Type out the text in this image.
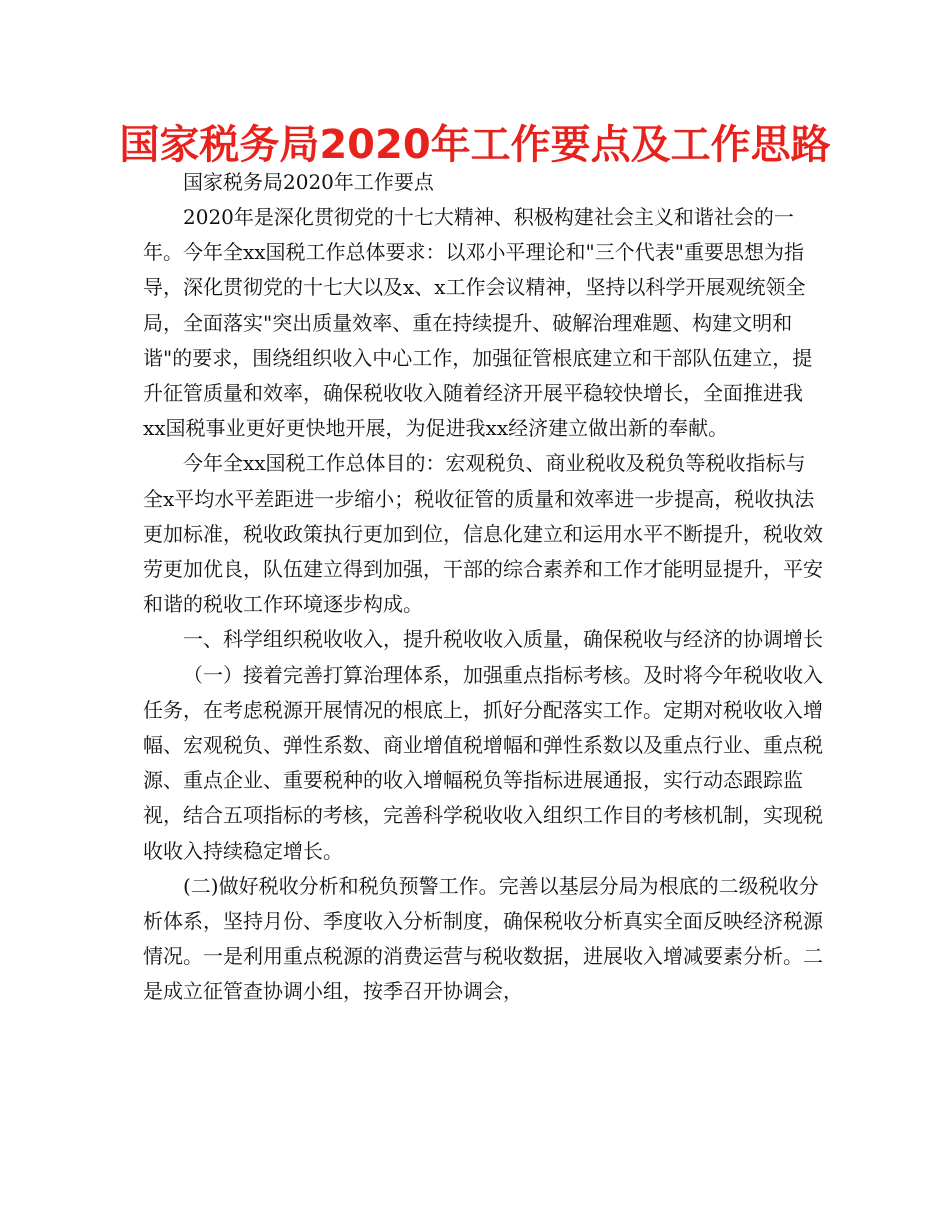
国家税务局2020年工作要点及工作思路
国家税务局2020年工作要点

2020年是深化贯彻党的十七大精神、积极构建社会主义和谐社会的一年。今年全xx国税工作总体要求：以邓小平理论和"三个代表"重要思想为指导，深化贯彻党的十七大以及x、x工作会议精神，坚持以科学开展观统领全局，全面落实"突出质量效率、重在持续提升、破解治理难题、构建文明和谐"的要求，围绕组织收入中心工作，加强征管根底建立和干部队伍建立，提升征管质量和效率，确保税收收入随着经济开展平稳较快增长，全面推进我xx国税事业更好更快地开展，为促进我xx经济建立做出新的奉献。

今年全xx国税工作总体目的：宏观税负、商业税收及税负等税收指标与全x平均水平差距进一步缩小；税收征管的质量和效率进一步提高，税收执法更加标准，税收政策执行更加到位，信息化建立和运用水平不断提升，税收效劳更加优良，队伍建立得到加强，干部的综合素养和工作才能明显提升，平安和谐的税收工作环境逐步构成。

一、科学组织税收收入，提升税收收入质量，确保税收与经济的协调增长

（一）接着完善打算治理体系，加强重点指标考核。及时将今年税收收入任务，在考虑税源开展情况的根底上，抓好分配落实工作。定期对税收收入增幅、宏观税负、弹性系数、商业增值税增幅和弹性系数以及重点行业、重点税源、重点企业、重要税种的收入增幅税负等指标进展通报，实行动态跟踪监视，结合五项指标的考核，完善科学税收收入组织工作目的考核机制，实现税收收入持续稳定增长。

(二)做好税收分析和税负预警工作。完善以基层分局为根底的二级税收分析体系，坚持月份、季度收入分析制度，确保税收分析真实全面反映经济税源情况。一是利用重点税源的消费运营与税收数据，进展收入增减要素分析。二是成立征管查协调小组，按季召开协调会，
